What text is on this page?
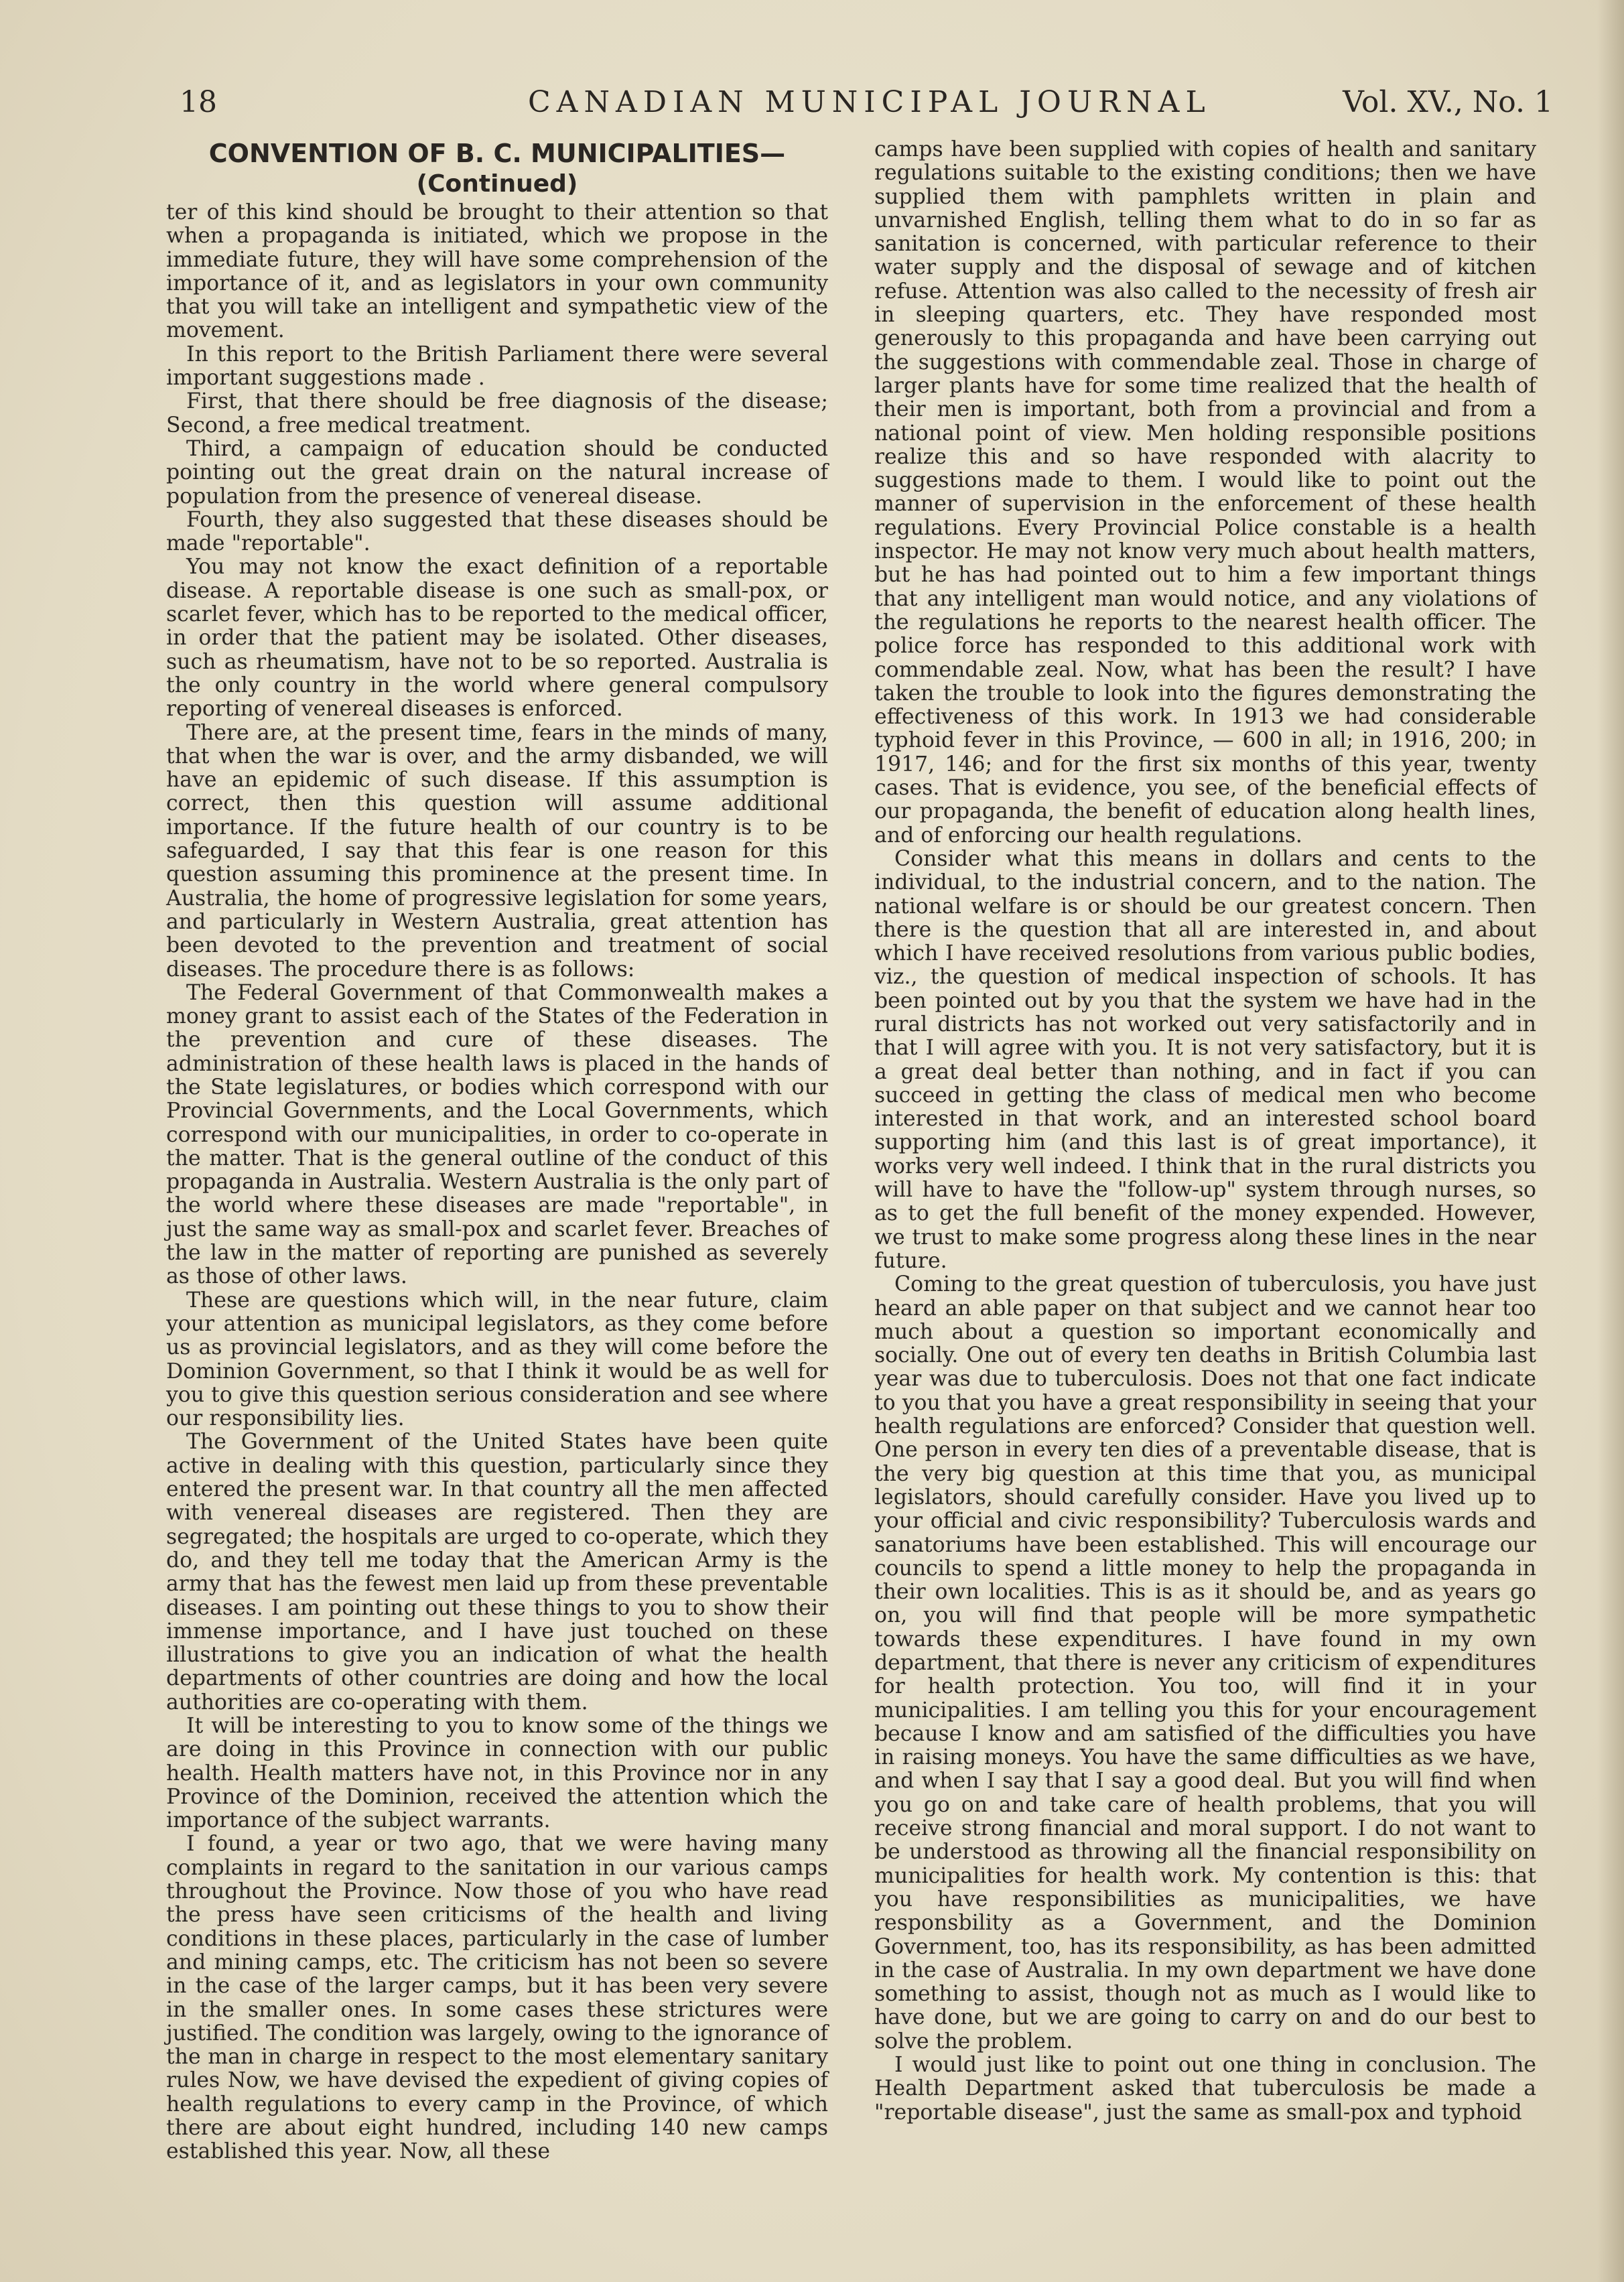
18	CANADIAN MUNICIPAL JOURNAL	Vol. XV., No. 1
CONVENTION OF B. C. MUNICIPALITIES—
(Continued)

ter of this kind should be brought to their attention so that when a propaganda is initiated, which we propose in the immediate future, they will have some comprehension of the importance of it, and as legislators in your own community that you will take an intelligent and sympathetic view of the movement.

In this report to the British Parliament there were several important suggestions made .

First, that there should be free diagnosis of the disease; Second, a free medical treatment.

Third, a campaign of education should be conducted pointing out the great drain on the natural increase of population from the presence of venereal disease.

Fourth, they also suggested that these diseases should be made "reportable".

You may not know the exact definition of a reportable disease. A reportable disease is one such as small-pox, or scarlet fever, which has to be reported to the medical officer, in order that the patient may be isolated. Other diseases, such as rheumatism, have not to be so reported. Australia is the only country in the world where general compulsory reporting of venereal diseases is enforced.

There are, at the present time, fears in the minds of many, that when the war is over, and the army disbanded, we will have an epidemic of such disease. If this assumption is correct, then this question will assume additional importance. If the future health of our country is to be safeguarded, I say that this fear is one reason for this question assuming this prominence at the present time. In Australia, the home of progressive legislation for some years, and particularly in Western Australia, great attention has been devoted to the prevention and treatment of social diseases. The procedure there is as follows:

The Federal Government of that Commonwealth makes a money grant to assist each of the States of the Federation in the prevention and cure of these diseases. The administration of these health laws is placed in the hands of the State legislatures, or bodies which correspond with our Provincial Governments, and the Local Governments, which correspond with our municipalities, in order to co-operate in the matter. That is the general outline of the conduct of this propaganda in Australia. Western Australia is the only part of the world where these diseases are made "reportable", in just the same way as small-pox and scarlet fever. Breaches of the law in the matter of reporting are punished as severely as those of other laws.

These are questions which will, in the near future, claim your attention as municipal legislators, as they come before us as provincial legislators, and as they will come before the Dominion Government, so that I think it would be as well for you to give this question serious consideration and see where our responsibility lies.

The Government of the United States have been quite active in dealing with this question, particularly since they entered the present war. In that country all the men affected with venereal diseases are registered. Then they are segregated; the hospitals are urged to co-operate, which they do, and they tell me today that the American Army is the army that has the fewest men laid up from these preventable diseases. I am pointing out these things to you to show their immense importance, and I have just touched on these illustrations to give you an indication of what the health departments of other countries are doing and how the local authorities are co-operating with them.

It will be interesting to you to know some of the things we are doing in this Province in connection with our public health. Health matters have not, in this Province nor in any Province of the Dominion, received the attention which the importance of the subject warrants.

I found, a year or two ago, that we were having many complaints in regard to the sanitation in our various camps throughout the Province. Now those of you who have read the press have seen criticisms of the health and living conditions in these places, particularly in the case of lumber and mining camps, etc. The criticism has not been so severe in the case of the larger camps, but it has been very severe in the smaller ones. In some cases these strictures were justified. The condition was largely, owing to the ignorance of the man in charge in respect to the most elementary sanitary rules Now, we have devised the expedient of giving copies of health regulations to every camp in the Province, of which there are about eight hundred, including 140 new camps established this year. Now, all these

camps have been supplied with copies of health and sanitary regulations suitable to the existing conditions; then we have supplied them with pamphlets written in plain and unvarnished English, telling them what to do in so far as sanitation is concerned, with particular reference to their water supply and the disposal of sewage and of kitchen refuse. Attention was also called to the necessity of fresh air in sleeping quarters, etc. They have responded most generously to this propaganda and have been carrying out the suggestions with commendable zeal. Those in charge of larger plants have for some time realized that the health of their men is important, both from a provincial and from a national point of view. Men holding responsible positions realize this and so have responded with alacrity to suggestions made to them. I would like to point out the manner of supervision in the enforcement of these health regulations. Every Provincial Police constable is a health inspector. He may not know very much about health matters, but he has had pointed out to him a few important things that any intelligent man would notice, and any violations of the regulations he reports to the nearest health officer. The police force has responded to this additional work with commendable zeal. Now, what has been the result? I have taken the trouble to look into the figures demonstrating the effectiveness of this work. In 1913 we had considerable typhoid fever in this Province, — 600 in all; in 1916, 200; in 1917, 146; and for the first six months of this year, twenty cases. That is evidence, you see, of the beneficial effects of our propaganda, the benefit of education along health lines, and of enforcing our health regulations.

Consider what this means in dollars and cents to the individual, to the industrial concern, and to the nation. The national welfare is or should be our greatest concern. Then there is the question that all are interested in, and about which I have received resolutions from various public bodies, viz., the question of medical inspection of schools. It has been pointed out by you that the system we have had in the rural districts has not worked out very satisfactorily and in that I will agree with you. It is not very satisfactory, but it is a great deal better than nothing, and in fact if you can succeed in getting the class of medical men who become interested in that work, and an interested school board supporting him (and this last is of great importance), it works very well indeed. I think that in the rural districts you will have to have the "follow-up" system through nurses, so as to get the full benefit of the money expended. However, we trust to make some progress along these lines in the near future.

Coming to the great question of tuberculosis, you have just heard an able paper on that subject and we cannot hear too much about a question so important economically and socially. One out of every ten deaths in British Columbia last year was due to tuberculosis. Does not that one fact indicate to you that you have a great responsibility in seeing that your health regulations are enforced? Consider that question well. One person in every ten dies of a preventable disease, that is the very big question at this time that you, as municipal legislators, should carefully consider. Have you lived up to your official and civic responsibility? Tuberculosis wards and sanatoriums have been established. This will encourage our councils to spend a little money to help the propaganda in their own localities. This is as it should be, and as years go on, you will find that people will be more sympathetic towards these expenditures. I have found in my own department, that there is never any criticism of expenditures for health protection. You too, will find it in your municipalities. I am telling you this for your encouragement because I know and am satisfied of the difficulties you have in raising moneys. You have the same difficulties as we have, and when I say that I say a good deal. But you will find when you go on and take care of health problems, that you will receive strong financial and moral support. I do not want to be understood as throwing all the financial responsibility on municipalities for health work. My contention is this: that you have responsibilities as municipalities, we have responsbility as a Government, and the Dominion Government, too, has its responsibility, as has been admitted in the case of Australia. In my own department we have done something to assist, though not as much as I would like to have done, but we are going to carry on and do our best to solve the problem.

I would just like to point out one thing in conclusion. The Health Department asked that tuberculosis be made a "reportable disease", just the same as small-pox and typhoid
